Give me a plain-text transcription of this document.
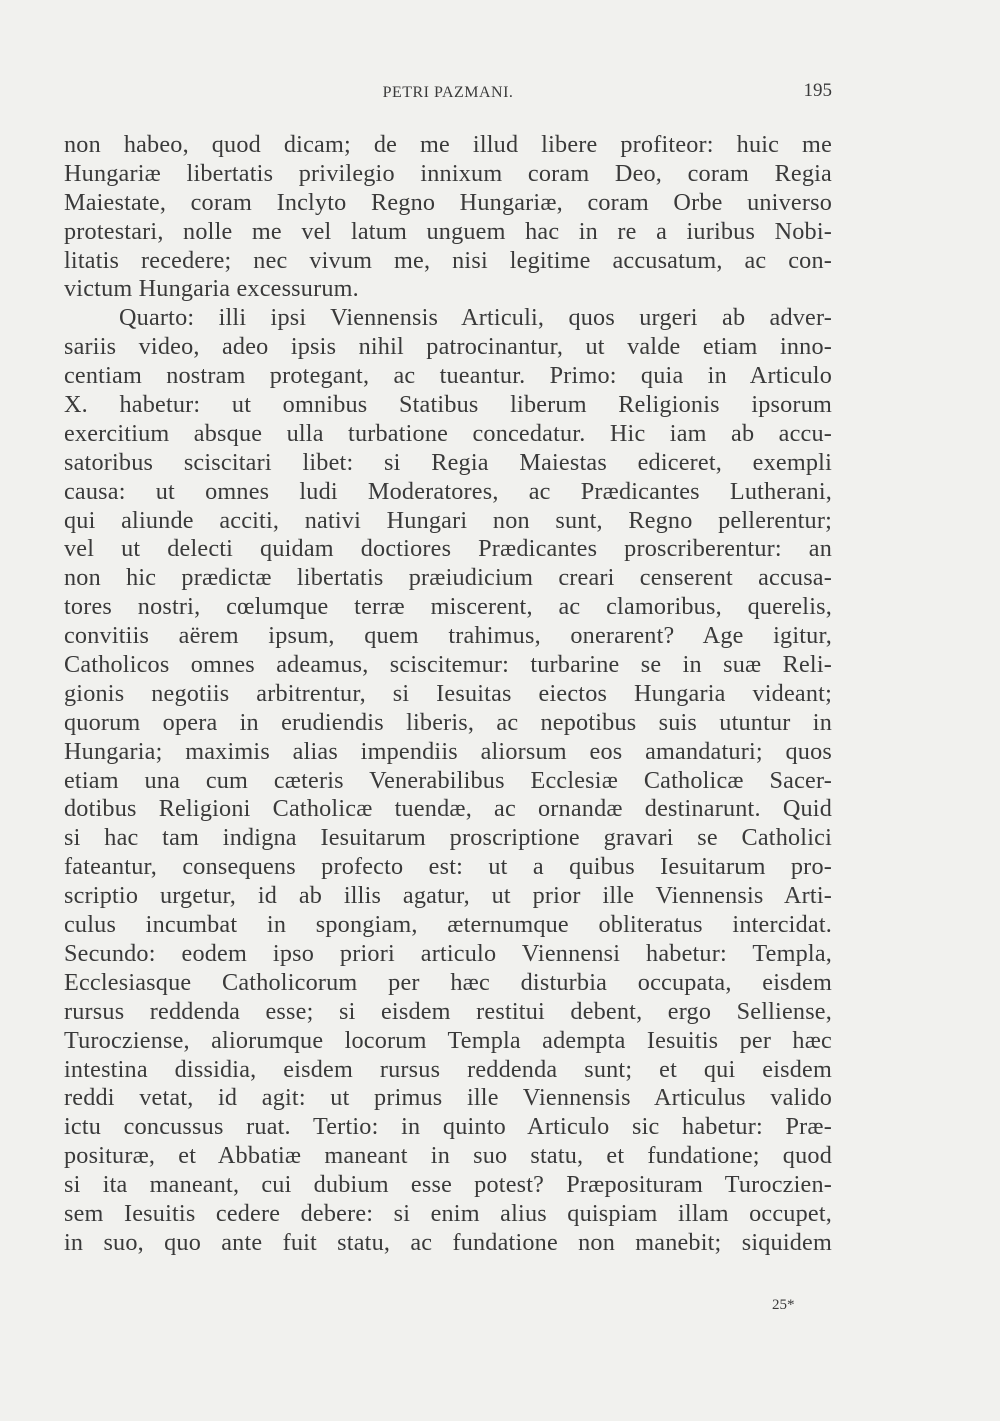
PETRI PAZMANI.	195
non habeo, quod dicam; de me illud libere profiteor: huic me
Hungariæ libertatis privilegio innixum coram Deo, coram Regia
Maiestate, coram Inclyto Regno Hungariæ, coram Orbe universo
protestari, nolle me vel latum unguem hac in re a iuribus Nobi-
litatis recedere; nec vivum me, nisi legitime accusatum, ac con-
victum Hungaria excessurum.
Quarto: illi ipsi Viennensis Articuli, quos urgeri ab adver-
sariis video, adeo ipsis nihil patrocinantur, ut valde etiam inno-
centiam nostram protegant, ac tueantur. Primo: quia in Articulo
X. habetur: ut omnibus Statibus liberum Religionis ipsorum
exercitium absque ulla turbatione concedatur. Hic iam ab accu-
satoribus sciscitari libet: si Regia Maiestas ediceret, exempli
causa: ut omnes ludi Moderatores, ac Prædicantes Lutherani,
qui aliunde acciti, nativi Hungari non sunt, Regno pellerentur;
vel ut delecti quidam doctiores Prædicantes proscriberentur: an
non hic prædictæ libertatis præiudicium creari censerent accusa-
tores nostri, cœlumque terræ miscerent, ac clamoribus, querelis,
convitiis aërem ipsum, quem trahimus, onerarent? Age igitur,
Catholicos omnes adeamus, sciscitemur: turbarine se in suæ Reli-
gionis negotiis arbitrentur, si Iesuitas eiectos Hungaria videant;
quorum opera in erudiendis liberis, ac nepotibus suis utuntur in
Hungaria; maximis alias impendiis aliorsum eos amandaturi; quos
etiam una cum cæteris Venerabilibus Ecclesiæ Catholicæ Sacer-
dotibus Religioni Catholicæ tuendæ, ac ornandæ destinarunt. Quid
si hac tam indigna Iesuitarum proscriptione gravari se Catholici
fateantur, consequens profecto est: ut a quibus Iesuitarum pro-
scriptio urgetur, id ab illis agatur, ut prior ille Viennensis Arti-
culus incumbat in spongiam, æternumque obliteratus intercidat.
Secundo: eodem ipso priori articulo Viennensi habetur: Templa,
Ecclesiasque Catholicorum per hæc disturbia occupata, eisdem
rursus reddenda esse; si eisdem restitui debent, ergo Selliense,
Turocziense, aliorumque locorum Templa adempta Iesuitis per hæc
intestina dissidia, eisdem rursus reddenda sunt; et qui eisdem
reddi vetat, id agit: ut primus ille Viennensis Articulus valido
ictu concussus ruat. Tertio: in quinto Articulo sic habetur: Præ-
posituræ, et Abbatiæ maneant in suo statu, et fundatione; quod
si ita maneant, cui dubium esse potest? Præposituram Turoczien-
sem Iesuitis cedere debere: si enim alius quispiam illam occupet,
in suo, quo ante fuit statu, ac fundatione non manebit; siquidem
25*
